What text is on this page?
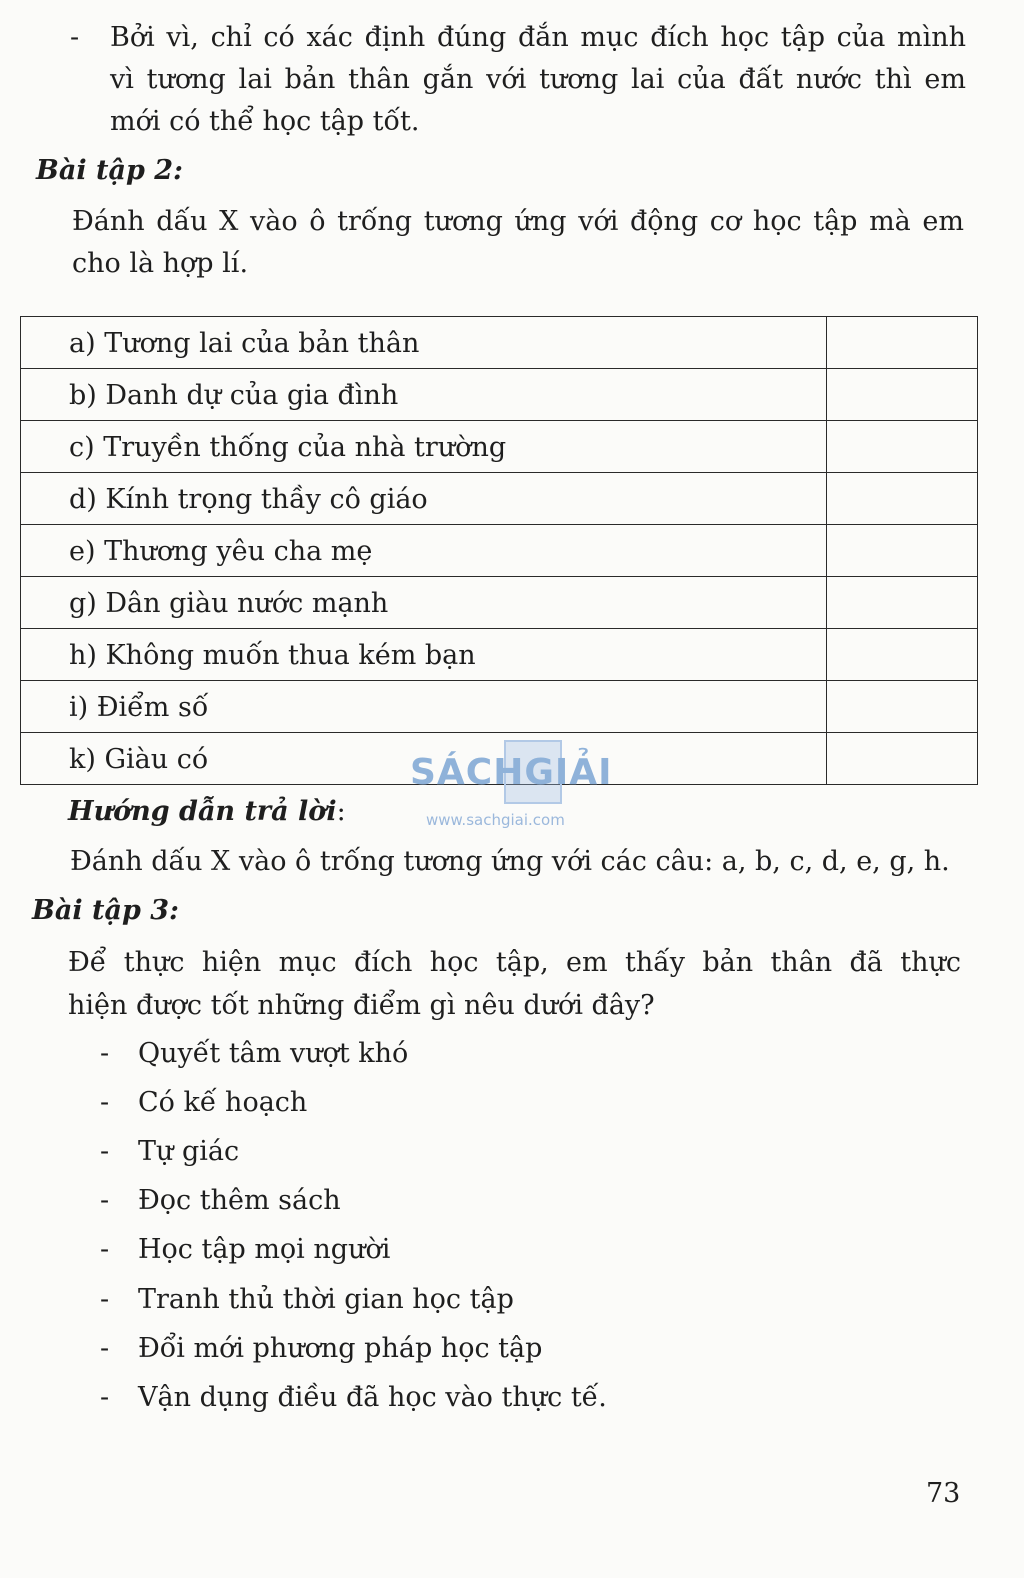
- Bởi vì, chỉ có xác định đúng đắn mục đích học tập của mình
vì tương lai bản thân gắn với tương lai của đất nước thì em
mới có thể học tập tốt.
Bài tập 2:
Đánh dấu X vào ô trống tương ứng với động cơ học tập mà em
cho là hợp lí.
a) Tương lai của bản thân	
b) Danh dự của gia đình	
c) Truyền thống của nhà trường	
d) Kính trọng thầy cô giáo	
e) Thương yêu cha mẹ	
g) Dân giàu nước mạnh	
h) Không muốn thua kém bạn	
i) Điểm số	
k) Giàu có		SÁCHGIẢI
www.sachgiai.com
Hướng dẫn trả lời:
Đánh dấu X vào ô trống tương ứng với các câu: a, b, c, d, e, g, h.
Bài tập 3:
Để thực hiện mục đích học tập, em thấy bản thân đã thực
hiện được tốt những điểm gì nêu dưới đây?
- Quyết tâm vượt khó
- Có kế hoạch
- Tự giác
- Đọc thêm sách
- Học tập mọi người
- Tranh thủ thời gian học tập
- Đổi mới phương pháp học tập
- Vận dụng điều đã học vào thực tế.
73
